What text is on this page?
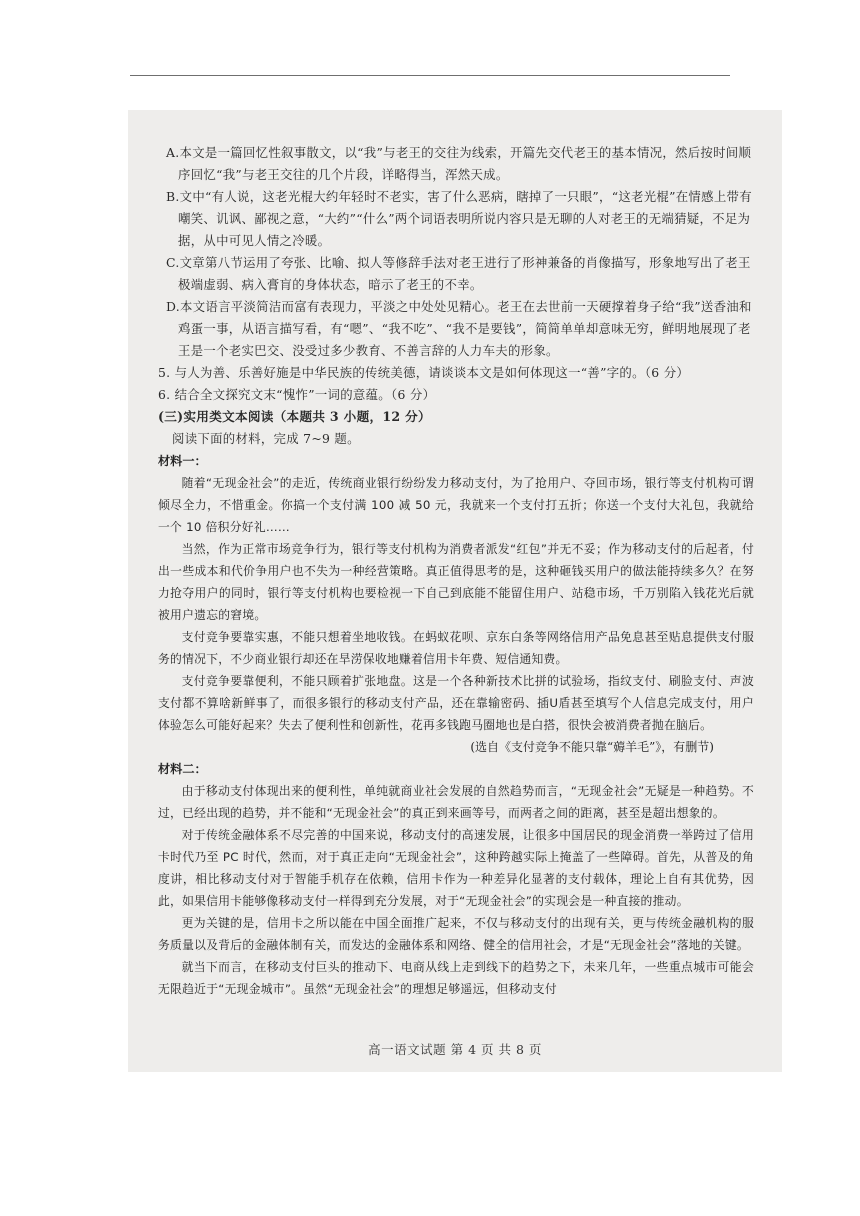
A.本文是一篇回忆性叙事散文，以“我”与老王的交往为线索，开篇先交代老王的基本情况，然后按时间顺序回忆“我”与老王交往的几个片段，详略得当，浑然天成。

B.文中“有人说，这老光棍大约年轻时不老实，害了什么恶病，瞎掉了一只眼”，“这老光棍”在情感上带有嘲笑、讥讽、鄙视之意，“大约”“什么”两个词语表明所说内容只是无聊的人对老王的无端猜疑，不足为据，从中可见人情之冷暖。

C.文章第八节运用了夸张、比喻、拟人等修辞手法对老王进行了形神兼备的肖像描写，形象地写出了老王极端虚弱、病入膏肓的身体状态，暗示了老王的不幸。

D.本文语言平淡简洁而富有表现力，平淡之中处处见精心。老王在去世前一天硬撑着身子给“我”送香油和鸡蛋一事，从语言描写看，有“嗯”、“我不吃”、“我不是要钱”，简简单单却意味无穷，鲜明地展现了老王是一个老实巴交、没受过多少教育、不善言辞的人力车夫的形象。

5. 与人为善、乐善好施是中华民族的传统美德，请谈谈本文是如何体现这一“善”字的。（6 分）

6. 结合全文探究文末“愧怍”一词的意蕴。（6 分）

(三)实用类文本阅读（本题共 3 小题，12 分）

阅读下面的材料，完成 7~9 题。

材料一：

随着“无现金社会”的走近，传统商业银行纷纷发力移动支付，为了抢用户、夺回市场，银行等支付机构可谓倾尽全力，不惜重金。你搞一个支付满 100 减 50 元，我就来一个支付打五折；你送一个支付大礼包，我就给一个 10 倍积分好礼……

当然，作为正常市场竞争行为，银行等支付机构为消费者派发“红包”并无不妥；作为移动支付的后起者，付出一些成本和代价争用户也不失为一种经营策略。真正值得思考的是，这种砸钱买用户的做法能持续多久？在努力抢夺用户的同时，银行等支付机构也要检视一下自己到底能不能留住用户、站稳市场，千万别陷入钱花光后就被用户遗忘的窘境。

支付竞争要靠实惠，不能只想着坐地收钱。在蚂蚁花呗、京东白条等网络信用产品免息甚至贴息提供支付服务的情况下，不少商业银行却还在旱涝保收地赚着信用卡年费、短信通知费。

支付竞争要靠便利，不能只顾着扩张地盘。这是一个各种新技术比拼的试验场，指纹支付、刷脸支付、声波支付都不算啥新鲜事了，而很多银行的移动支付产品，还在靠输密码、插U盾甚至填写个人信息完成支付，用户体验怎么可能好起来？失去了便利性和创新性，花再多钱跑马圈地也是白搭，很快会被消费者抛在脑后。

(选自《支付竞争不能只靠“薅羊毛”》，有删节)

材料二：

由于移动支付体现出来的便利性，单纯就商业社会发展的自然趋势而言，“无现金社会”无疑是一种趋势。不过，已经出现的趋势，并不能和“无现金社会”的真正到来画等号，而两者之间的距离，甚至是超出想象的。

对于传统金融体系不尽完善的中国来说，移动支付的高速发展，让很多中国居民的现金消费一举跨过了信用卡时代乃至 PC 时代，然而，对于真正走向“无现金社会”，这种跨越实际上掩盖了一些障碍。首先，从普及的角度讲，相比移动支付对于智能手机存在依赖，信用卡作为一种差异化显著的支付载体，理论上自有其优势，因此，如果信用卡能够像移动支付一样得到充分发展，对于“无现金社会”的实现会是一种直接的推动。

更为关键的是，信用卡之所以能在中国全面推广起来，不仅与移动支付的出现有关，更与传统金融机构的服务质量以及背后的金融体制有关，而发达的金融体系和网络、健全的信用社会，才是“无现金社会”落地的关键。

就当下而言，在移动支付巨头的推动下、电商从线上走到线下的趋势之下，未来几年，一些重点城市可能会无限趋近于“无现金城市”。虽然“无现金社会”的理想足够遥远，但移动支付

高一语文试题 第 4 页 共 8 页
